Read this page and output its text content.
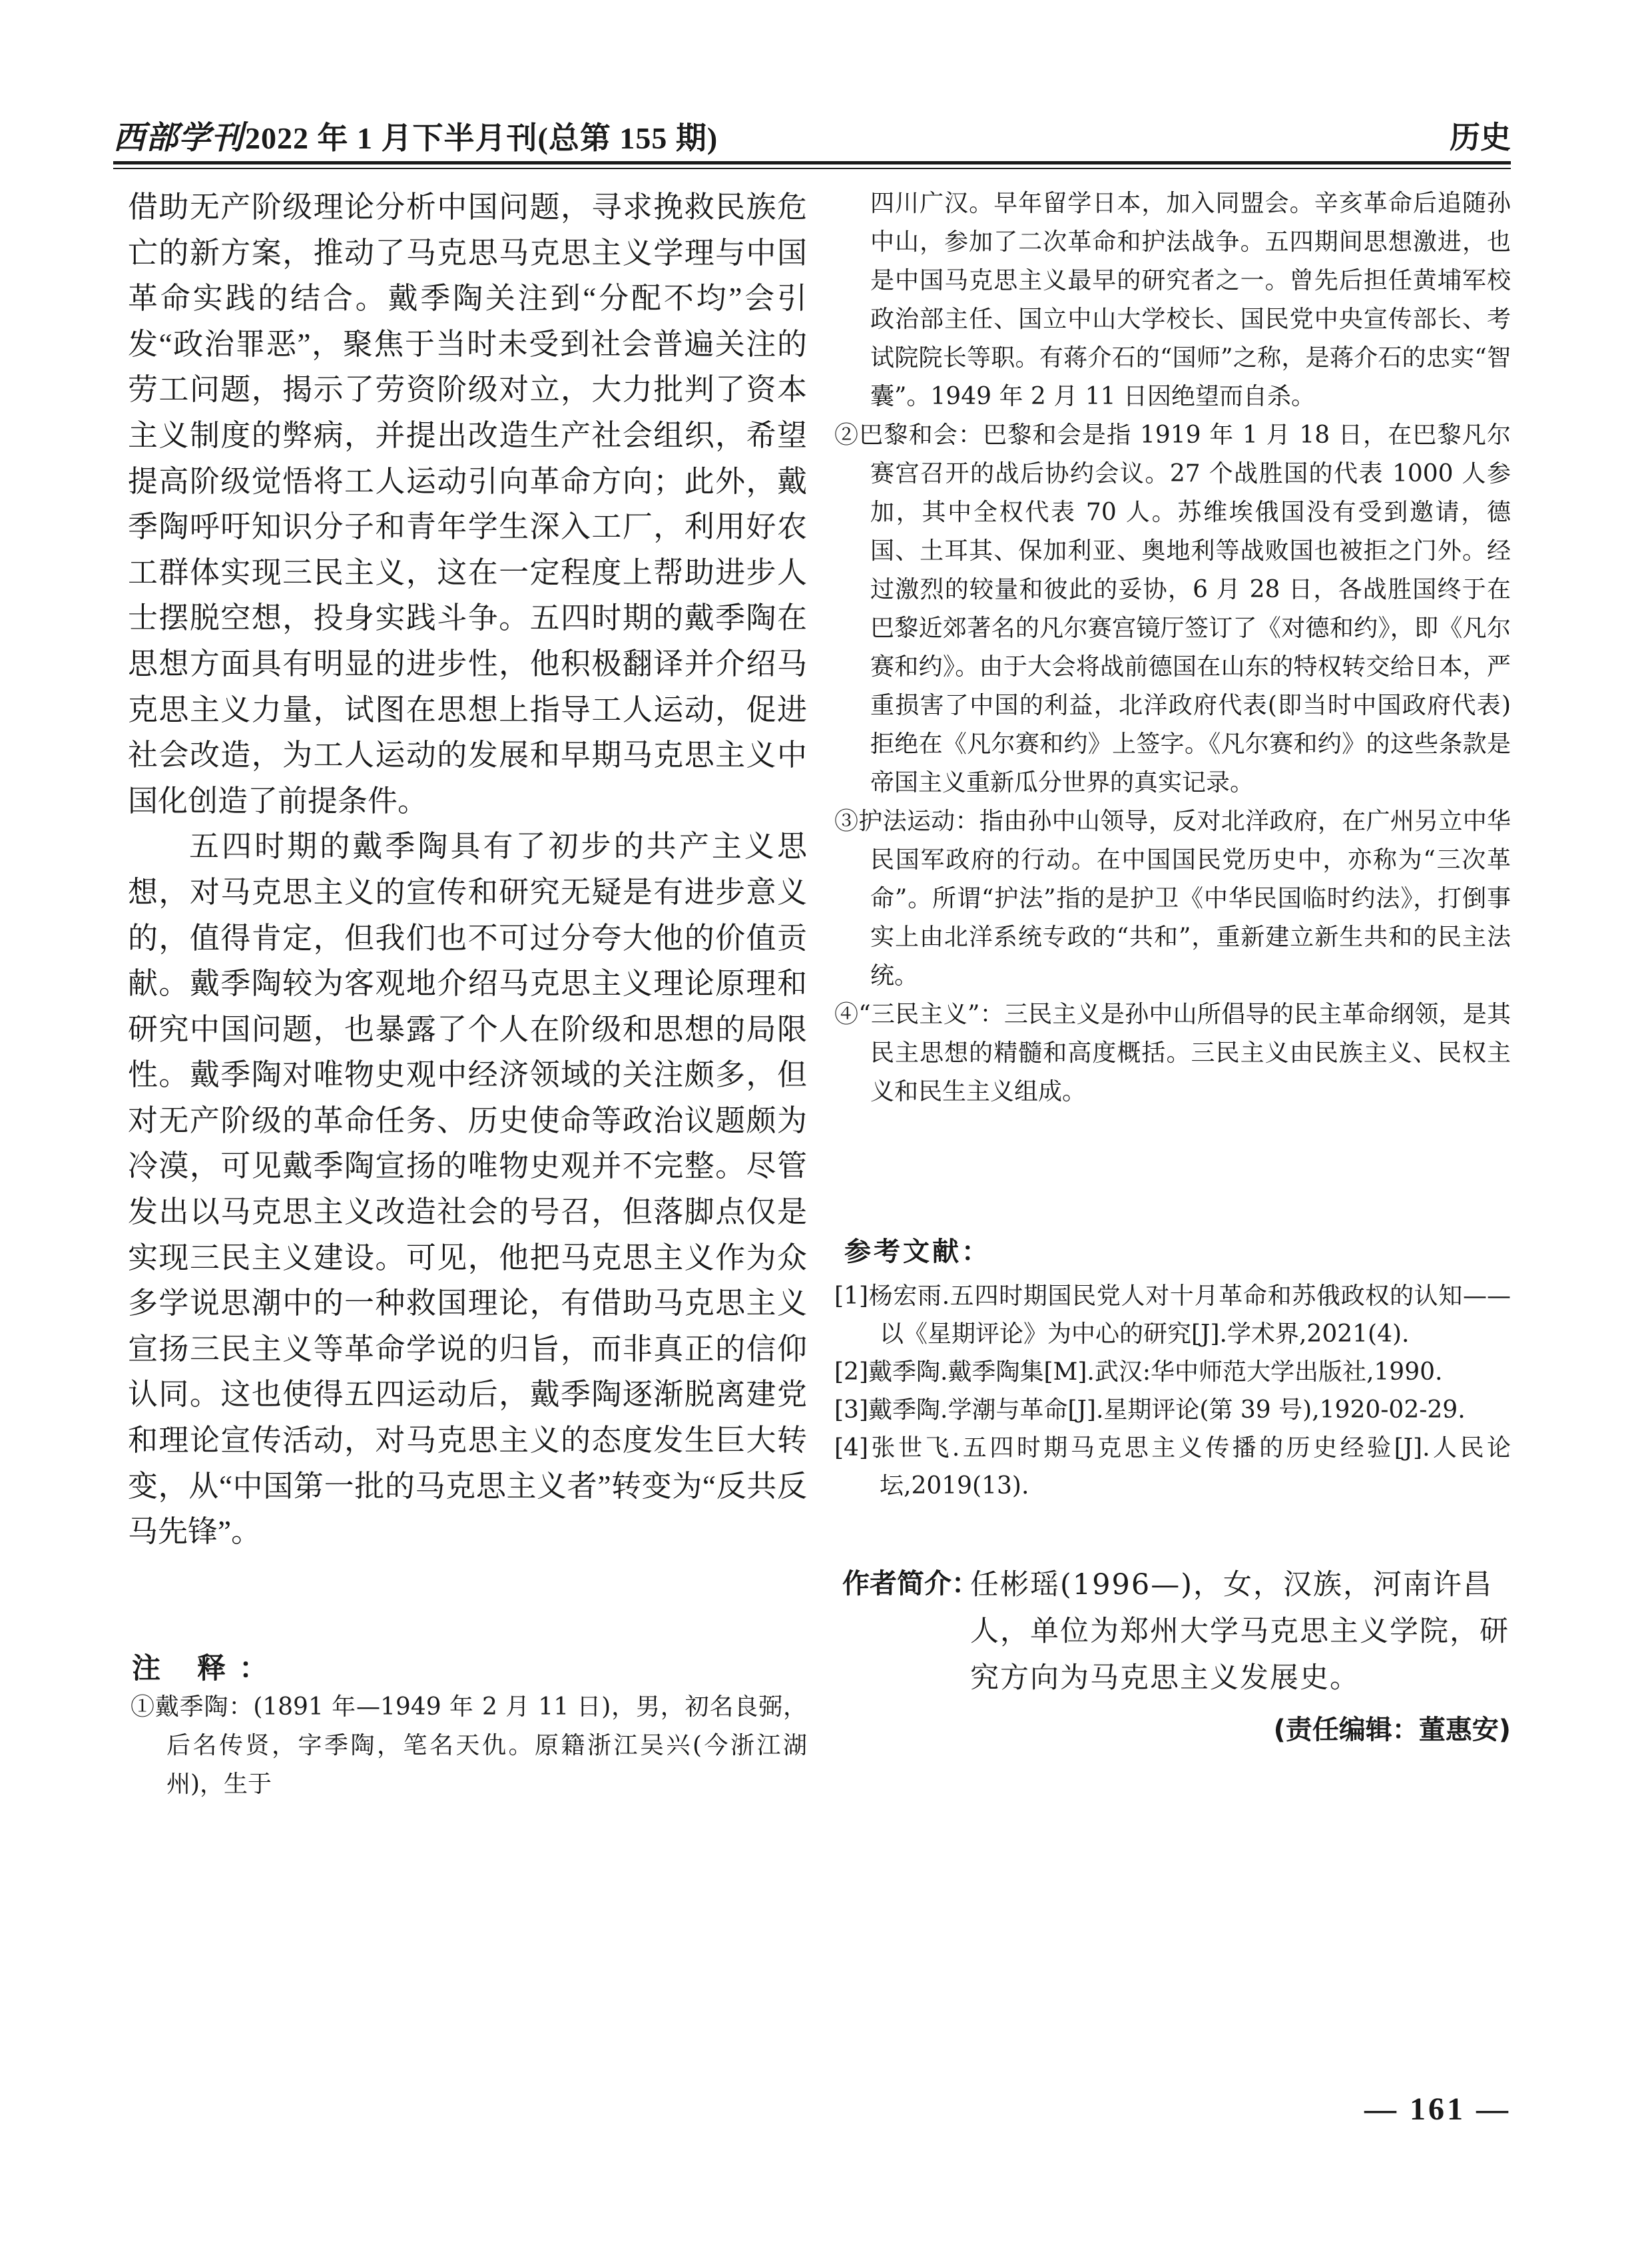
西部学刊2022 年 1 月下半月刊(总第 155 期)	历史

借助无产阶级理论分析中国问题，寻求挽救民族危亡的新方案，推动了马克思马克思主义学理与中国革命实践的结合。戴季陶关注到“分配不均”会引发“政治罪恶”，聚焦于当时未受到社会普遍关注的劳工问题，揭示了劳资阶级对立，大力批判了资本主义制度的弊病，并提出改造生产社会组织，希望提高阶级觉悟将工人运动引向革命方向；此外，戴季陶呼吁知识分子和青年学生深入工厂，利用好农工群体实现三民主义，这在一定程度上帮助进步人士摆脱空想，投身实践斗争。五四时期的戴季陶在思想方面具有明显的进步性，他积极翻译并介绍马克思主义力量，试图在思想上指导工人运动，促进社会改造，为工人运动的发展和早期马克思主义中国化创造了前提条件。

五四时期的戴季陶具有了初步的共产主义思想，对马克思主义的宣传和研究无疑是有进步意义的，值得肯定，但我们也不可过分夸大他的价值贡献。戴季陶较为客观地介绍马克思主义理论原理和研究中国问题，也暴露了个人在阶级和思想的局限性。戴季陶对唯物史观中经济领域的关注颇多，但对无产阶级的革命任务、历史使命等政治议题颇为冷漠，可见戴季陶宣扬的唯物史观并不完整。尽管发出以马克思主义改造社会的号召，但落脚点仅是实现三民主义建设。可见，他把马克思主义作为众多学说思潮中的一种救国理论，有借助马克思主义宣扬三民主义等革命学说的归旨，而非真正的信仰认同。这也使得五四运动后，戴季陶逐渐脱离建党和理论宣传活动，对马克思主义的态度发生巨大转变，从“中国第一批的马克思主义者”转变为“反共反马先锋”。

注 释：

①戴季陶：(1891 年—1949 年 2 月 11 日)，男，初名良弼，后名传贤，字季陶，笔名天仇。原籍浙江吴兴(今浙江湖州)，生于

四川广汉。早年留学日本，加入同盟会。辛亥革命后追随孙中山，参加了二次革命和护法战争。五四期间思想激进，也是中国马克思主义最早的研究者之一。曾先后担任黄埔军校政治部主任、国立中山大学校长、国民党中央宣传部长、考试院院长等职。有蒋介石的“国师”之称，是蒋介石的忠实“智囊”。1949 年 2 月 11 日因绝望而自杀。

②巴黎和会：巴黎和会是指 1919 年 1 月 18 日，在巴黎凡尔赛宫召开的战后协约会议。27 个战胜国的代表 1000 人参加，其中全权代表 70 人。苏维埃俄国没有受到邀请，德国、土耳其、保加利亚、奥地利等战败国也被拒之门外。经过激烈的较量和彼此的妥协，6 月 28 日，各战胜国终于在巴黎近郊著名的凡尔赛宫镜厅签订了《对德和约》，即《凡尔赛和约》。由于大会将战前德国在山东的特权转交给日本，严重损害了中国的利益，北洋政府代表(即当时中国政府代表)拒绝在《凡尔赛和约》上签字。《凡尔赛和约》的这些条款是帝国主义重新瓜分世界的真实记录。

③护法运动：指由孙中山领导，反对北洋政府，在广州另立中华民国军政府的行动。在中国国民党历史中，亦称为“三次革命”。所谓“护法”指的是护卫《中华民国临时约法》，打倒事实上由北洋系统专政的“共和”，重新建立新生共和的民主法统。

④“三民主义”：三民主义是孙中山所倡导的民主革命纲领，是其民主思想的精髓和高度概括。三民主义由民族主义、民权主义和民生主义组成。

参考文献：

[1]杨宏雨.五四时期国民党人对十月革命和苏俄政权的认知——以《星期评论》为中心的研究[J].学术界,2021(4).

[2]戴季陶.戴季陶集[M].武汉:华中师范大学出版社,1990.

[3]戴季陶.学潮与革命[J].星期评论(第 39 号),1920-02-29.

[4]张世飞.五四时期马克思主义传播的历史经验[J].人民论坛,2019(13).

作者简介：
任彬瑶(1996—)，女，汉族，河南许昌人，单位为郑州大学马克思主义学院，研究方向为马克思主义发展史。
(责任编辑：董惠安)
— 161 —
